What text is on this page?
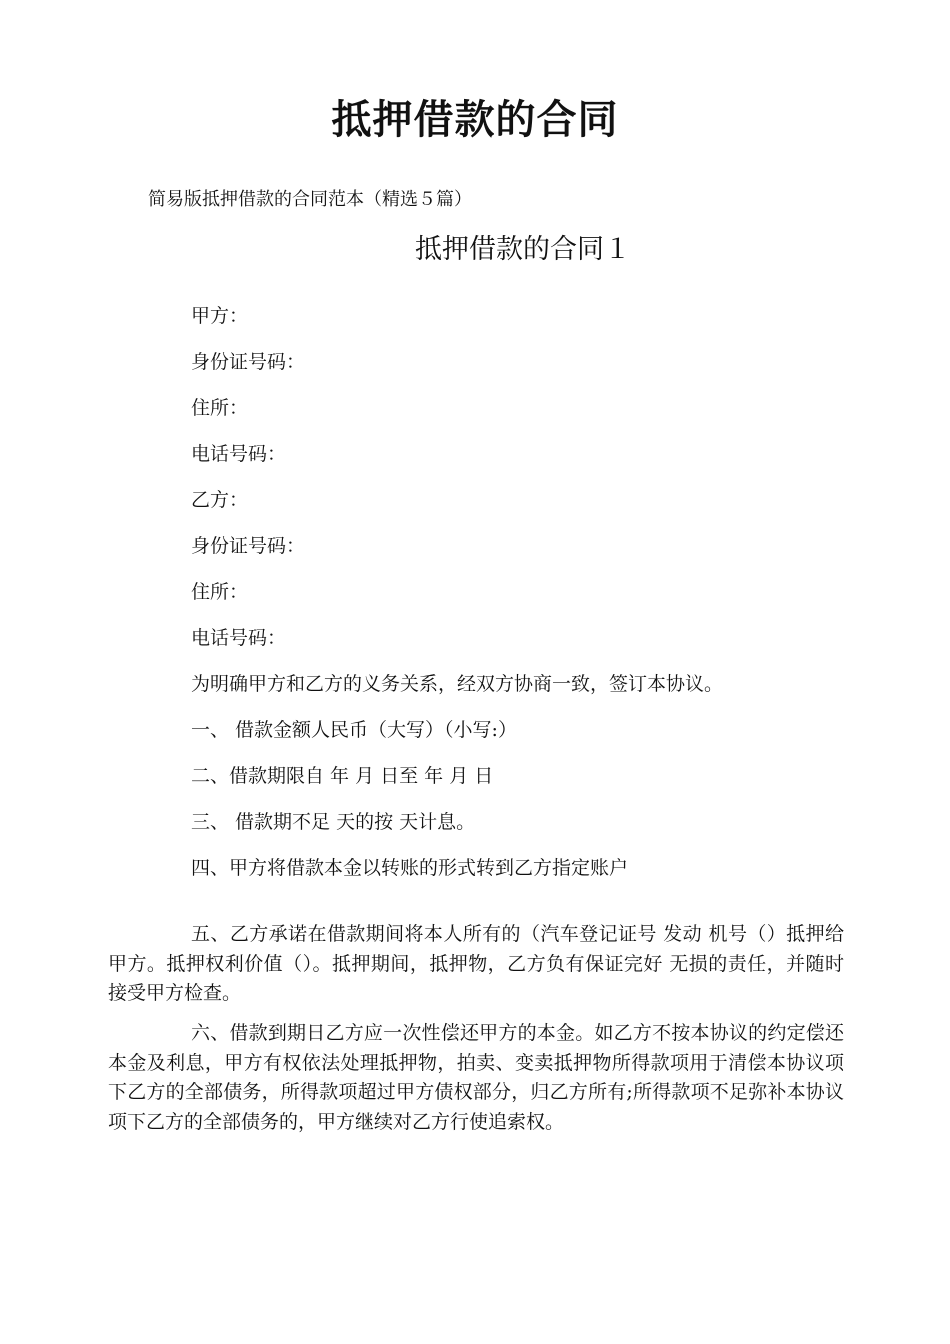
抵押借款的合同
简易版抵押借款的合同范本（精选５篇）
抵押借款的合同１
甲方：
身份证号码：
住所：
电话号码：
乙方：
身份证号码：
住所：
电话号码：
为明确甲方和乙方的义务关系，经双方协商一致，签订本协议。
一、 借款金额人民币（大写）（小写:）
二、借款期限自 年 月 日至 年 月 日
三、 借款期不足 天的按 天计息。
四、甲方将借款本金以转账的形式转到乙方指定账户

五、乙方承诺在借款期间将本人所有的（汽车登记证号 发动 机号（）抵押给甲方。抵押权利价值（）。抵押期间，抵押物，乙方负有保证完好 无损的责任，并随时接受甲方检查。

六、借款到期日乙方应一次性偿还甲方的本金。如乙方不按本协议的约定偿还本金及利息，甲方有权依法处理抵押物，拍卖、变卖抵押物所得款项用于清偿本协议项下乙方的全部债务，所得款项超过甲方债权部分，归乙方所有;所得款项不足弥补本协议项下乙方的全部债务的，甲方继续对乙方行使追索权。
